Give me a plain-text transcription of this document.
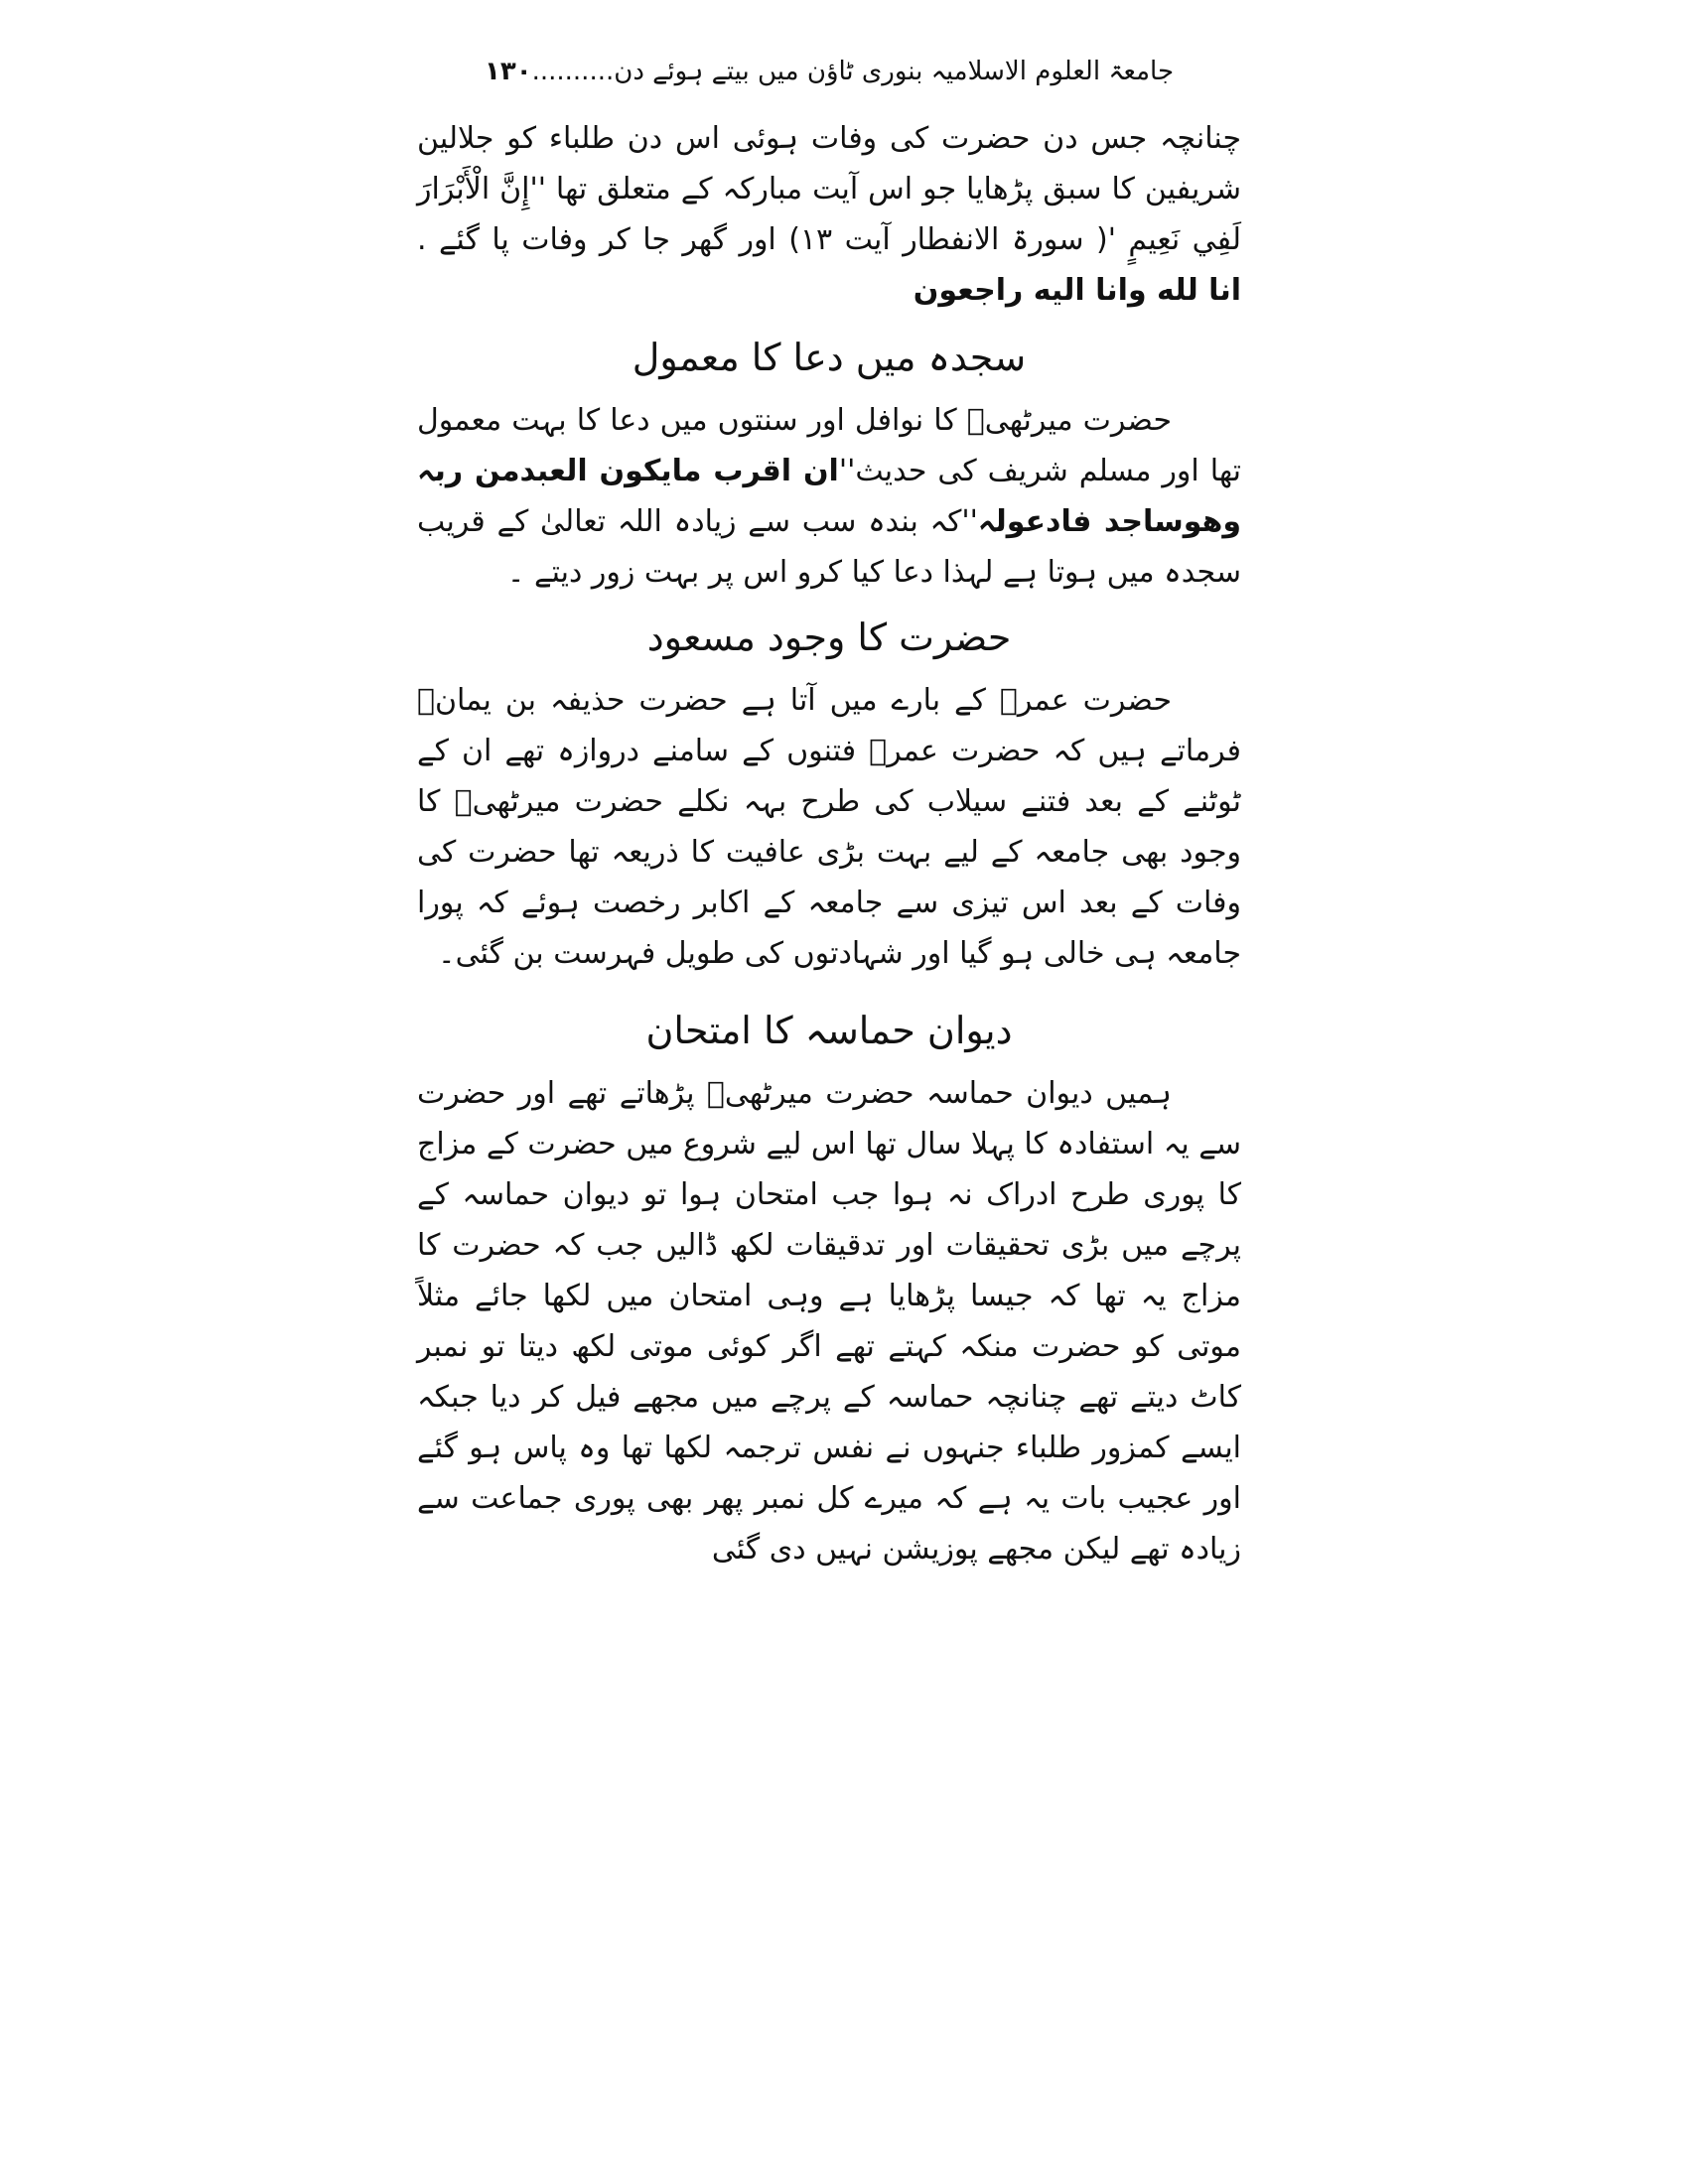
جامعۃ العلوم الاسلامیہ بنوری ٹاؤن میں بیتے ہوئے دن..........۱۳۰

چنانچہ جس دن حضرت کی وفات ہوئی اس دن طلباء کو جلالین شریفین کا سبق پڑھایا جو اس آیت مبارکہ کے متعلق تھا ''إِنَّ الْأَبْرَارَ لَفِي نَعِيمٍ '( سورۃ الانفطار آیت ۱۳) اور گھر جا کر وفات پا گئے . انا لله وانا الیه راجعون

سجدہ میں دعا کا معمول

حضرت میرٹھیؒ کا نوافل اور سنتوں میں دعا کا بہت معمول تھا اور مسلم شریف کی حدیث''ان اقرب مایکون العبدمن ربہ وھوساجد فادعولہ''کہ بندہ سب سے زیادہ اللہ تعالیٰ کے قریب سجدہ میں ہوتا ہے لہذا دعا کیا کرو اس پر بہت زور دیتے ۔

حضرت کا وجود مسعود

حضرت عمرؓ کے بارے میں آتا ہے حضرت حذیفہ بن یمانؓ فرماتے ہیں کہ حضرت عمرؓ فتنوں کے سامنے دروازہ تھے ان کے ٹوٹنے کے بعد فتنے سیلاب کی طرح بہہ نکلے حضرت میرٹھیؒ کا وجود بھی جامعہ کے لیے بہت بڑی عافیت کا ذریعہ تھا حضرت کی وفات کے بعد اس تیزی سے جامعہ کے اکابر رخصت ہوئے کہ پورا جامعہ ہی خالی ہو گیا اور شہادتوں کی طویل فہرست بن گئی۔

دیوان حماسہ کا امتحان

ہمیں دیوان حماسہ حضرت میرٹھیؒ پڑھاتے تھے اور حضرت سے یہ استفادہ کا پہلا سال تھا اس لیے شروع میں حضرت کے مزاج کا پوری طرح ادراک نہ ہوا جب امتحان ہوا تو دیوان حماسہ کے پرچے میں بڑی تحقیقات اور تدقیقات لکھ ڈالیں جب کہ حضرت کا مزاج یہ تھا کہ جیسا پڑھایا ہے وہی امتحان میں لکھا جائے مثلاً موتی کو حضرت منکہ کہتے تھے اگر کوئی موتی لکھ دیتا تو نمبر کاٹ دیتے تھے چنانچہ حماسہ کے پرچے میں مجھے فیل کر دیا جبکہ ایسے کمزور طلباء جنہوں نے نفس ترجمہ لکھا تھا وہ پاس ہو گئے اور عجیب بات یہ ہے کہ میرے کل نمبر پھر بھی پوری جماعت سے زیادہ تھے لیکن مجھے پوزیشن نہیں دی گئی
